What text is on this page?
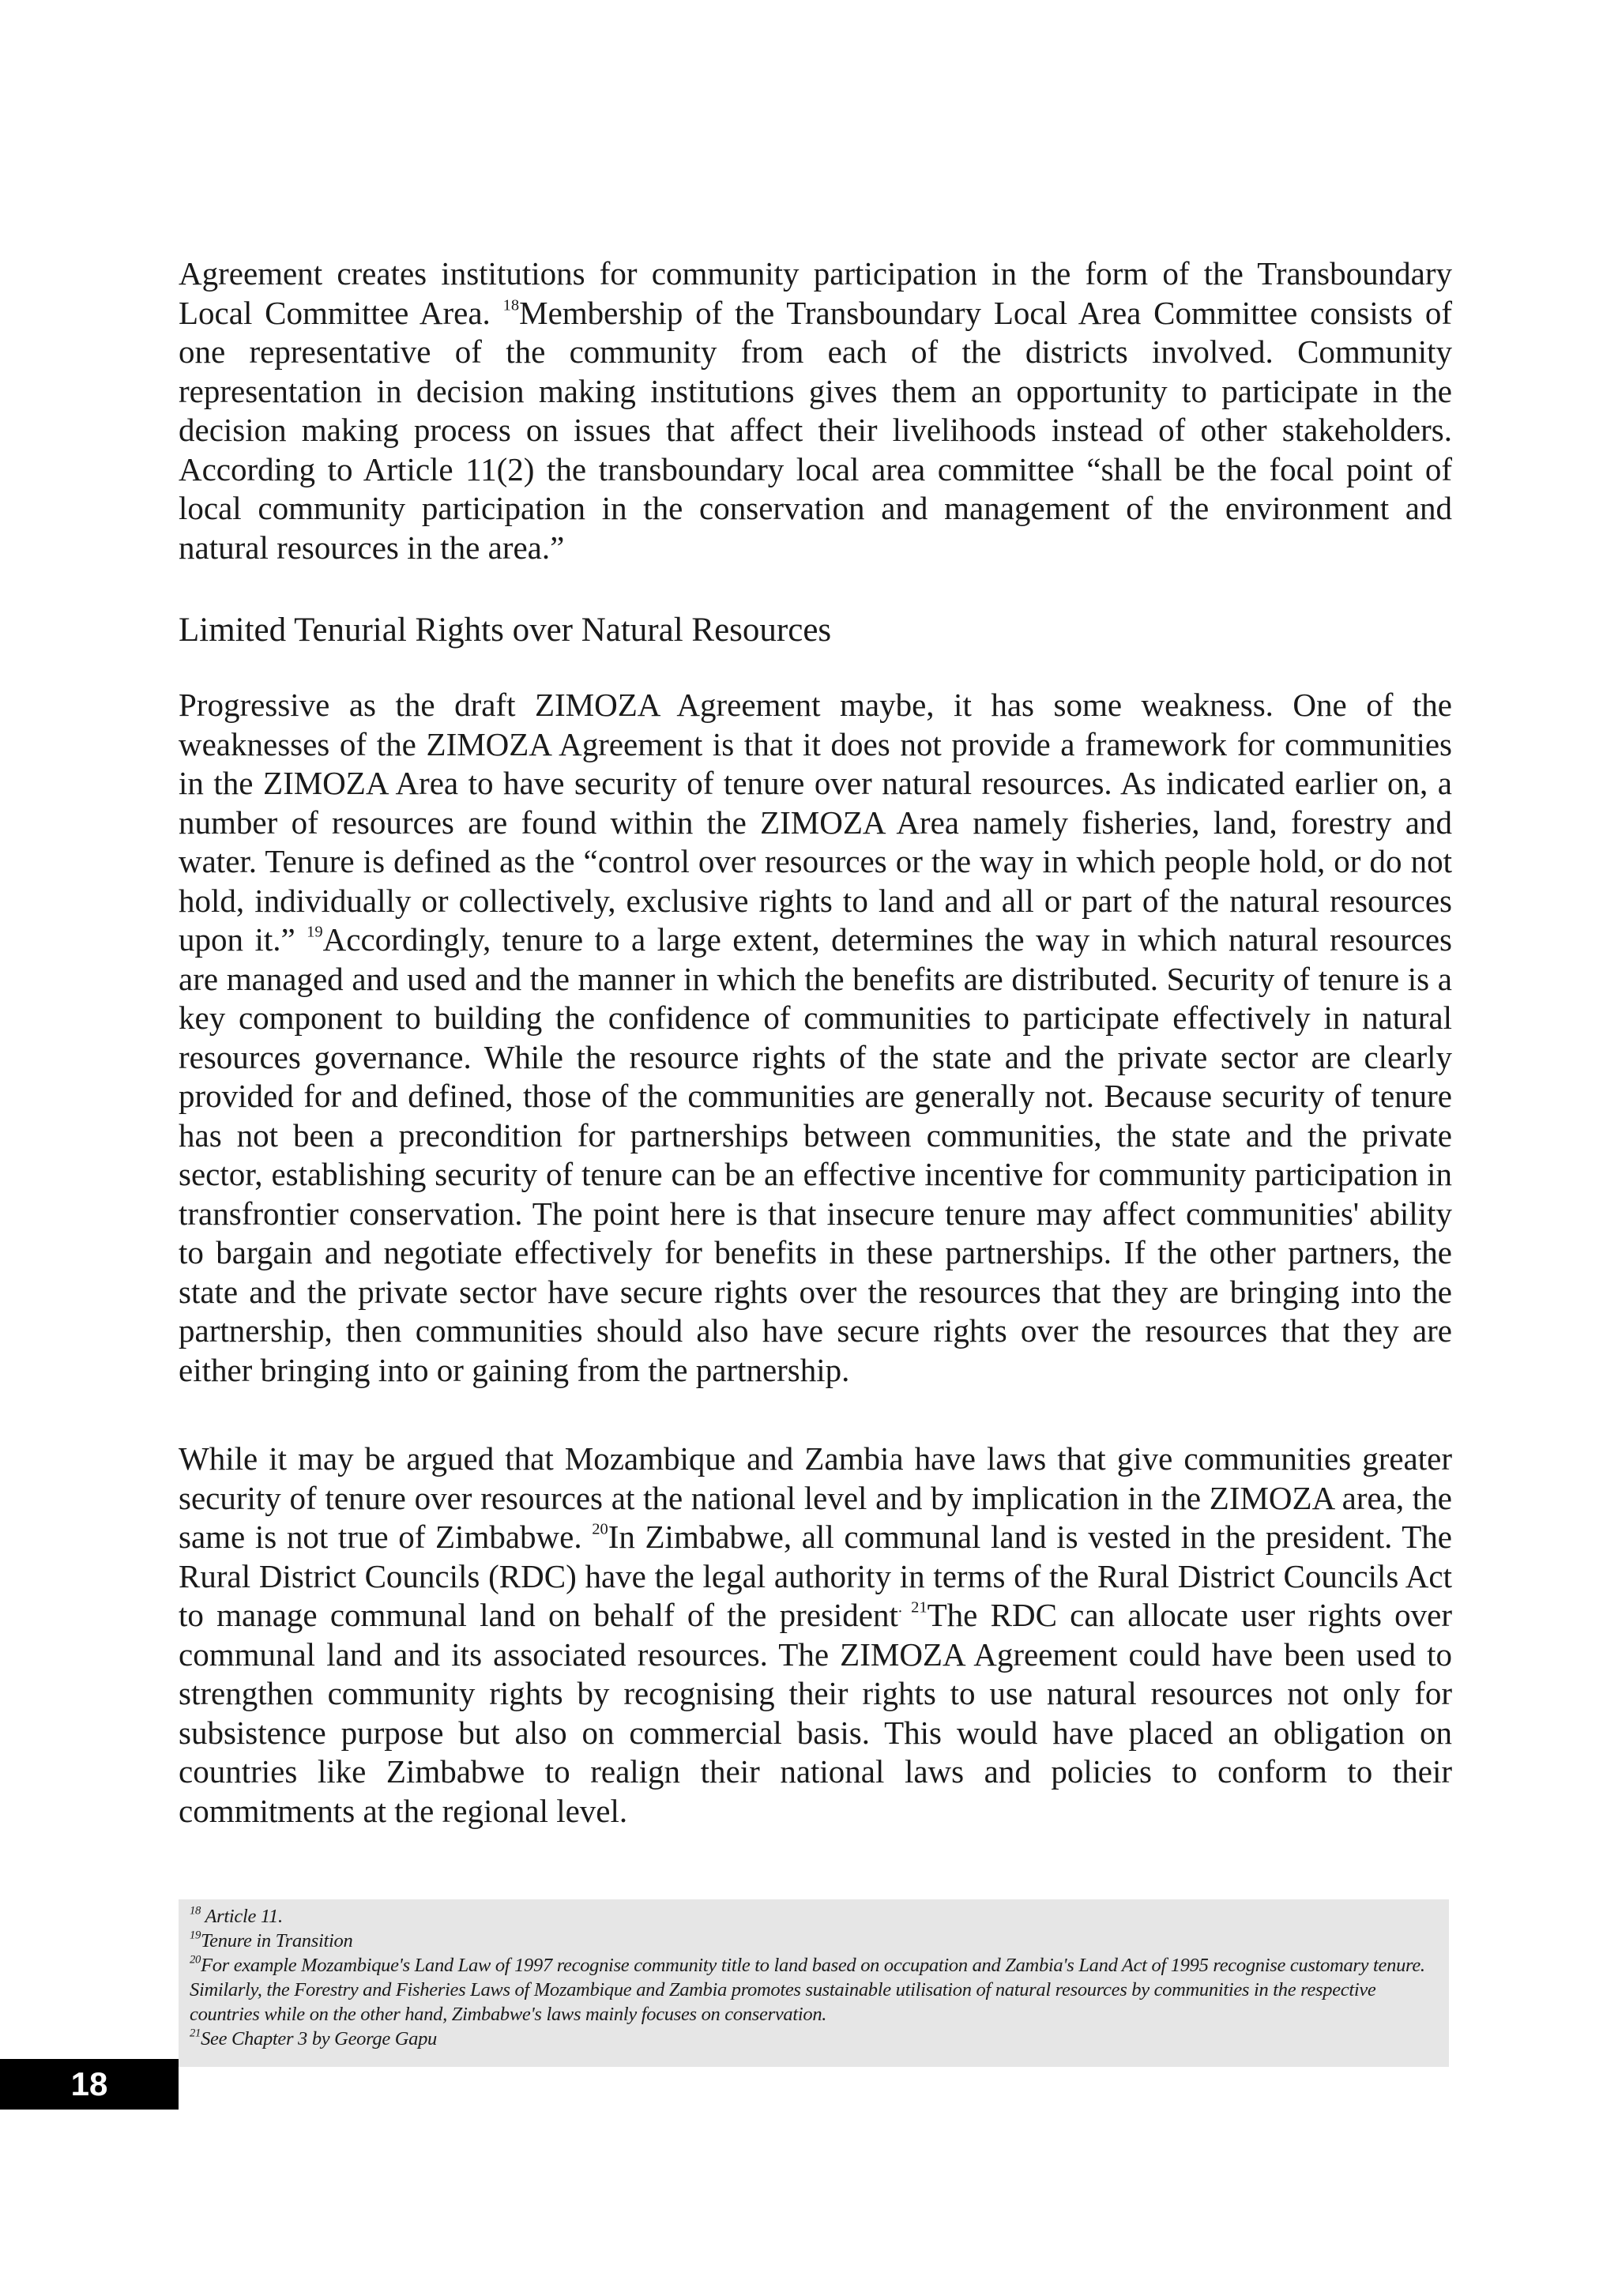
Agreement creates institutions for community participation in the form of the Transboundary Local Committee Area. $^{18}$Membership of the Transboundary Local Area Committee consists of one representative of the community from each of the districts involved. Community representation in decision making institutions gives them an opportunity to participate in the decision making process on issues that affect their livelihoods instead of other stakeholders. According to Article 11(2) the transboundary local area committee “shall be the focal point of local community participation in the conservation and management of the environment and natural resources in the area.”

Limited Tenurial Rights over Natural Resources

Progressive as the draft ZIMOZA Agreement maybe, it has some weakness. One of the weaknesses of the ZIMOZA Agreement is that it does not provide a framework for communities in the ZIMOZA Area to have security of tenure over natural resources. As indicated earlier on, a number of resources are found within the ZIMOZA Area namely fisheries, land, forestry and water. Tenure is defined as the “control over resources or the way in which people hold, or do not hold, individually or collectively, exclusive rights to land and all or part of the natural resources upon it.” $^{19}$Accordingly, tenure to a large extent, determines the way in which natural resources are managed and used and the manner in which the benefits are distributed. Security of tenure is a key component to building the confidence of communities to participate effectively in natural resources governance. While the resource rights of the state and the private sector are clearly provided for and defined, those of the communities are generally not. Because security of tenure has not been a precondition for partnerships between communities, the state and the private sector, establishing security of tenure can be an effective incentive for community participation in transfrontier conservation. The point here is that insecure tenure may affect communities' ability to bargain and negotiate effectively for benefits in these partnerships. If the other partners, the state and the private sector have secure rights over the resources that they are bringing into the partnership, then communities should also have secure rights over the resources that they are either bringing into or gaining from the partnership.

While it may be argued that Mozambique and Zambia have laws that give communities greater security of tenure over resources at the national level and by implication in the ZIMOZA area, the same is not true of Zimbabwe. $^{20}$In Zimbabwe, all communal land is vested in the president. The Rural District Councils (RDC) have the legal authority in terms of the Rural District Councils Act to manage communal land on behalf of the president$^{. 21}$The RDC can allocate user rights over communal land and its associated resources. The ZIMOZA Agreement could have been used to strengthen community rights by recognising their rights to use natural resources not only for subsistence purpose but also on commercial basis. This would have placed an obligation on countries like Zimbabwe to realign their national laws and policies to conform to their commitments at the regional level.

$^{18}$ Article 11.

$^{19}$Tenure in Transition

$^{20}$For example Mozambique's Land Law of 1997 recognise community title to land based on occupation and Zambia's Land Act of 1995 recognise customary tenure. Similarly, the Forestry and Fisheries Laws of Mozambique and Zambia promotes sustainable utilisation of natural resources by communities in the respective countries while on the other hand, Zimbabwe's laws mainly focuses on conservation.

$^{21}$See Chapter 3 by George Gapu

18
